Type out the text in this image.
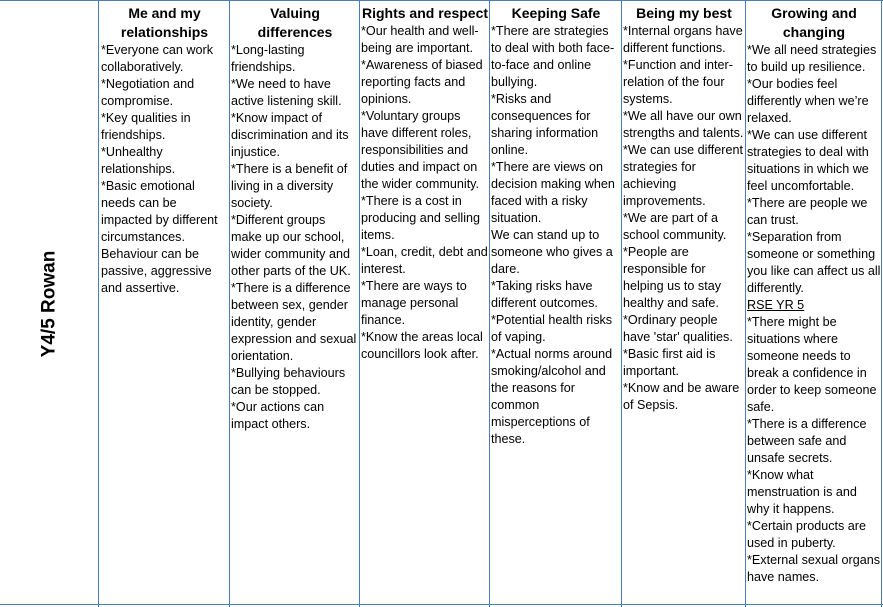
Y4/5 Rowan
Me and my relationships
*Everyone can work collaboratively.
*Negotiation and compromise.
*Key qualities in friendships.
*Unhealthy relationships.
*Basic emotional needs can be impacted by different circumstances.
Behaviour can be passive, aggressive and assertive.
Valuing differences
*Long-lasting friendships.
*We need to have active listening skill.
*Know impact of discrimination and its injustice.
*There is a benefit of living in a diversity society.
*Different groups make up our school, wider community and other parts of the UK.
*There is a difference between sex, gender identity, gender expression and sexual orientation.
*Bullying behaviours can be stopped.
*Our actions can impact others.
Rights and respect
*Our health and well-being are important.
*Awareness of biased reporting facts and opinions.
*Voluntary groups have different roles, responsibilities and duties and impact on the wider community.
*There is a cost in producing and selling items.
*Loan, credit, debt and interest.
*There are ways to manage personal finance.
*Know the areas local councillors look after.
Keeping Safe
*There are strategies to deal with both face-to-face and online bullying.
*Risks and consequences for sharing information online.
*There are views on decision making when faced with a risky situation.
We can stand up to someone who gives a dare.
*Taking risks have different outcomes.
*Potential health risks of vaping.
*Actual norms around smoking/alcohol and the reasons for common misperceptions of these.
Being my best
*Internal organs have different functions.
*Function and inter-relation of the four systems.
*We all have our own strengths and talents. *We can use different strategies for achieving improvements.
*We are part of a school community.
*People are responsible for helping us to stay healthy and safe.
*Ordinary people have 'star' qualities.
*Basic first aid is important.
*Know and be aware of Sepsis.
Growing and changing
*We all need strategies to build up resilience.
*Our bodies feel differently when we’re relaxed.
*We can use different strategies to deal with situations in which we feel uncomfortable.
*There are people we can trust.
*Separation from someone or something you like can affect us all differently.
RSE YR 5
*There might be situations where someone needs to break a confidence in order to keep someone safe.
*There is a difference between safe and unsafe secrets.
*Know what menstruation is and why it happens.
*Certain products are used in puberty.
*External sexual organs have names.
